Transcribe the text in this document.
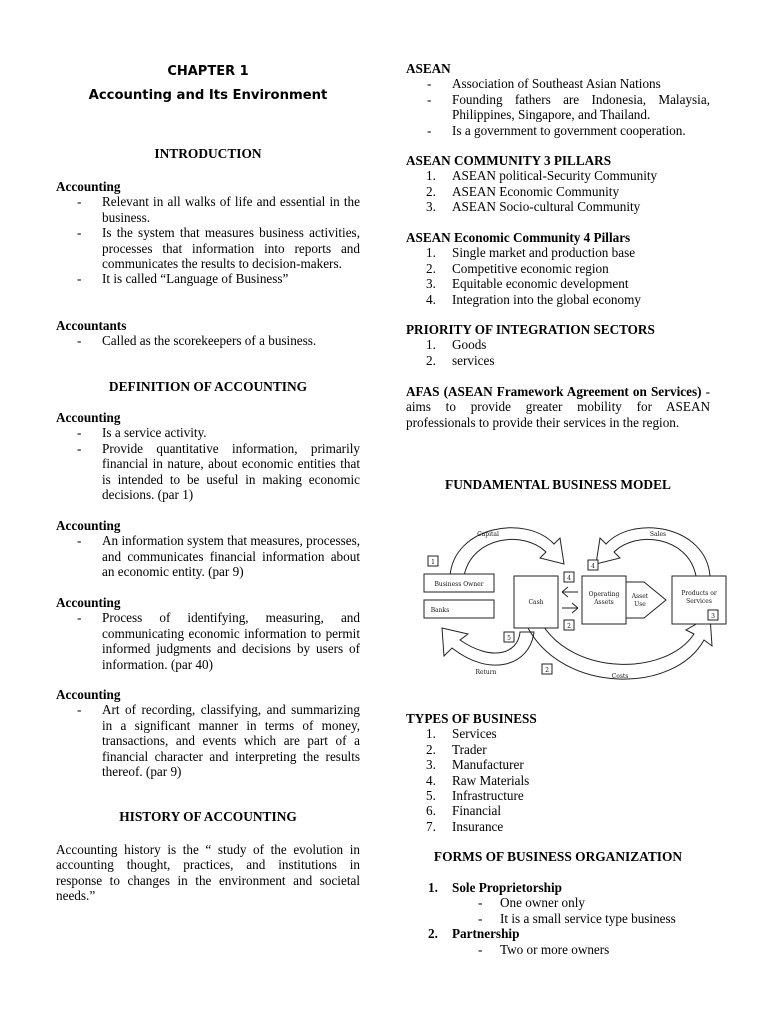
CHAPTER 1
Accounting and Its Environment
INTRODUCTION
Accounting
- Relevant in all walks of life and essential in the business.
- Is the system that measures business activities, processes that information into reports and communicates the results to decision-makers.
- It is called “Language of Business”
Accountants
- Called as the scorekeepers of a business.
DEFINITION OF ACCOUNTING
Accounting
- Is a service activity.
- Provide quantitative information, primarily financial in nature, about economic entities that is intended to be useful in making economic decisions. (par 1)
Accounting
- An information system that measures, processes, and communicates financial information about an economic entity. (par 9)
Accounting
- Process of identifying, measuring, and communicating economic information to permit informed judgments and decisions by users of information. (par 40)
Accounting
- Art of recording, classifying, and summarizing in a significant manner in terms of money, transactions, and events which are part of a financial character and interpreting the results thereof. (par 9)
HISTORY OF ACCOUNTING
Accounting history is the “ study of the evolution in accounting thought, practices, and institutions in response to changes in the environment and societal needs.”
ASEAN
- Association of Southeast Asian Nations
- Founding fathers are Indonesia, Malaysia, Philippines, Singapore, and Thailand.
- Is a government to government cooperation.
ASEAN COMMUNITY 3 PILLARS
1. ASEAN political-Security Community
2. ASEAN Economic Community
3. ASEAN Socio-cultural Community
ASEAN Economic Community 4 Pillars
1. Single market and production base
2. Competitive economic region
3. Equitable economic development
4. Integration into the global economy
PRIORITY OF INTEGRATION SECTORS
1. Goods
2. services
AFAS (ASEAN Framework Agreement on Services) - aims to provide greater mobility for ASEAN professionals to provide their services in the region.
FUNDAMENTAL BUSINESS MODEL
TYPES OF BUSINESS
1. Services
2. Trader
3. Manufacturer
4. Raw Materials
5. Infrastructure
6. Financial
7. Insurance
FORMS OF BUSINESS ORGANIZATION
1. Sole Proprietorship
- One owner only
- It is a small service type business
2. Partnership
- Two or more owners
Capital	Sales
Return
Costs
Business Owner
Banks
Cash
Operating
Assets
Asset
Use
Products or
Services
1
4
4
2
3
5
2
